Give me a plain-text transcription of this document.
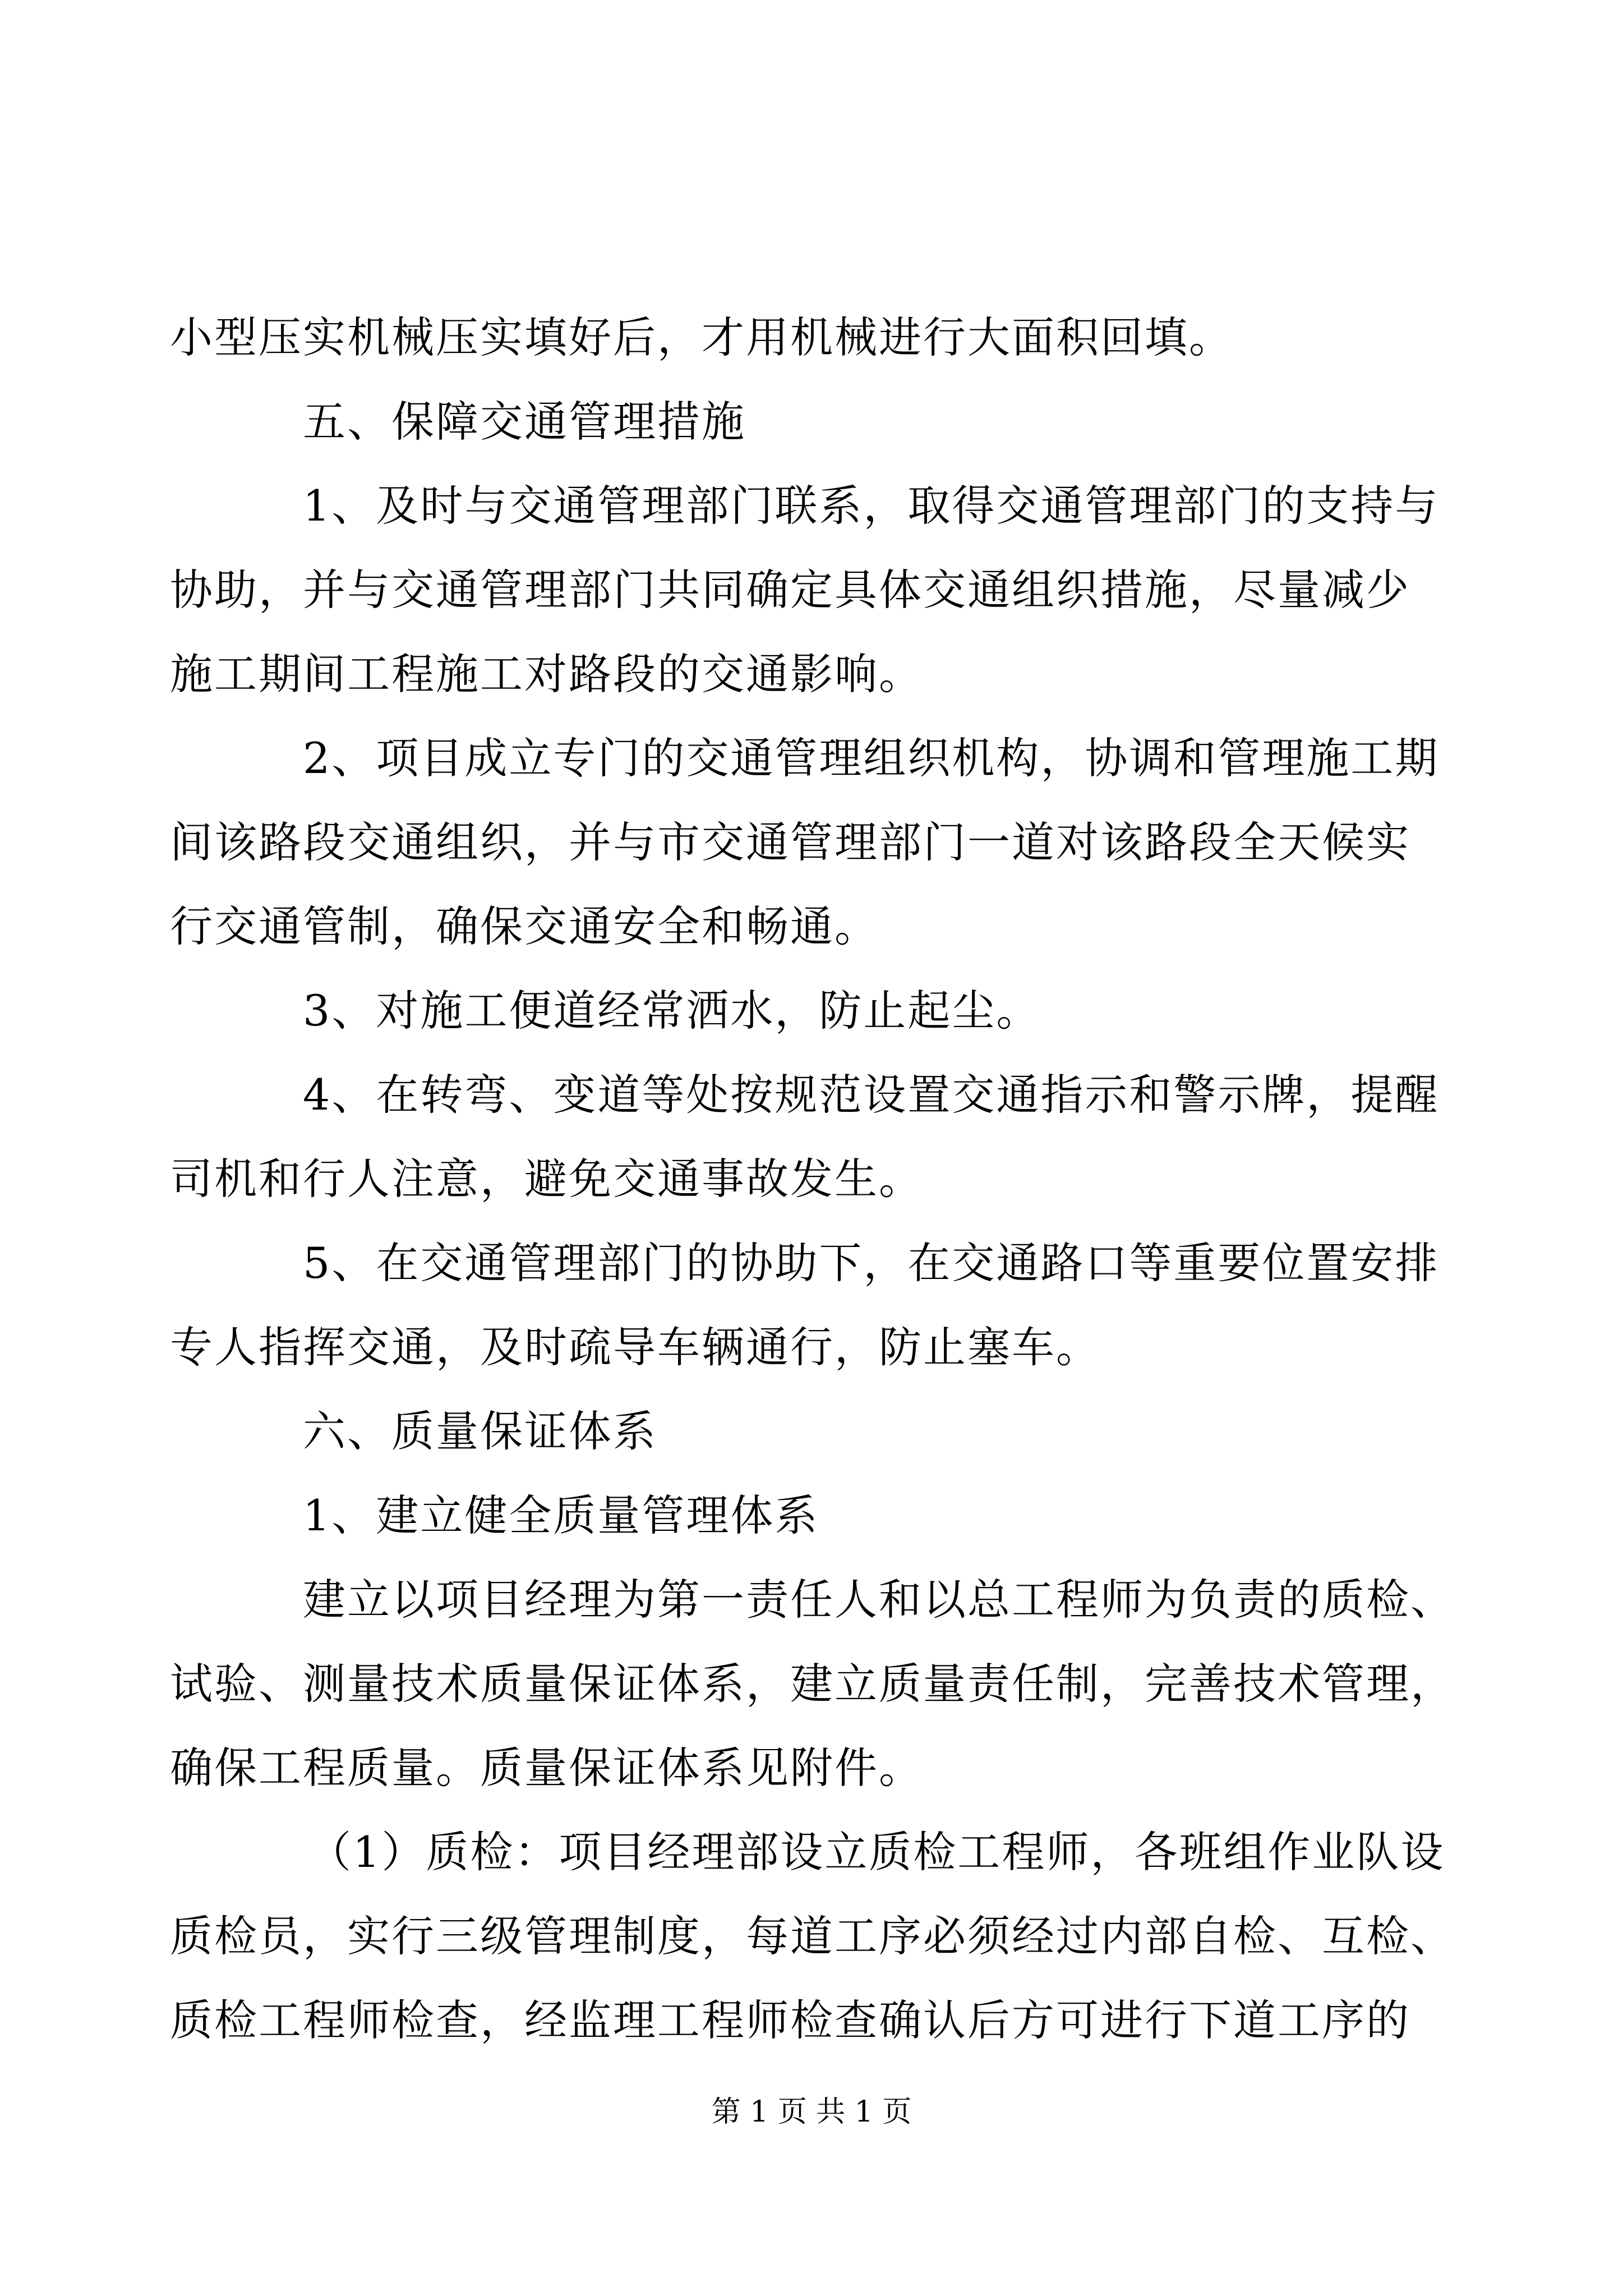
小型压实机械压实填好后，才用机械进行大面积回填。
五、保障交通管理措施
1、及时与交通管理部门联系，取得交通管理部门的支持与
协助，并与交通管理部门共同确定具体交通组织措施，尽量减少
施工期间工程施工对路段的交通影响。
2、项目成立专门的交通管理组织机构，协调和管理施工期
间该路段交通组织，并与市交通管理部门一道对该路段全天候实
行交通管制，确保交通安全和畅通。
3、对施工便道经常洒水，防止起尘。
4、在转弯、变道等处按规范设置交通指示和警示牌，提醒
司机和行人注意，避免交通事故发生。
5、在交通管理部门的协助下，在交通路口等重要位置安排
专人指挥交通，及时疏导车辆通行，防止塞车。
六、质量保证体系
1、建立健全质量管理体系
建立以项目经理为第一责任人和以总工程师为负责的质检、
试验、测量技术质量保证体系，建立质量责任制，完善技术管理，
确保工程质量。质量保证体系见附件。
（1）质检：项目经理部设立质检工程师，各班组作业队设
质检员，实行三级管理制度，每道工序必须经过内部自检、互检、
质检工程师检查，经监理工程师检查确认后方可进行下道工序的
第 1 页 共 1 页
